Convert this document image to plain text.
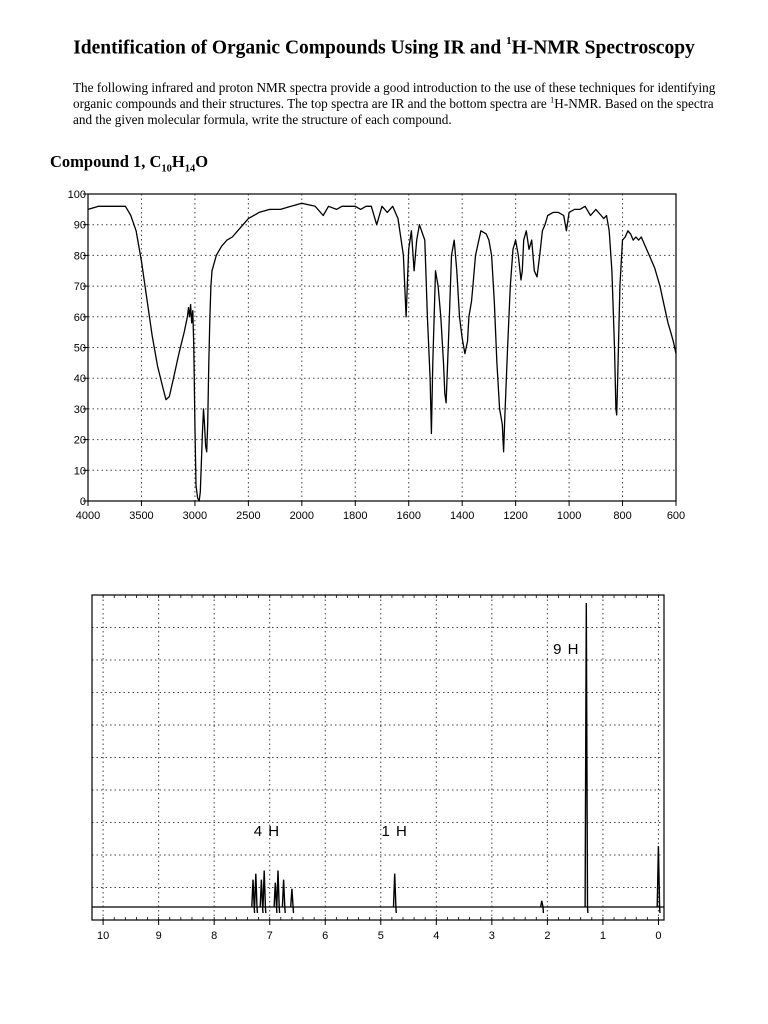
Identification of Organic Compounds Using IR and $^1$H-NMR Spectroscopy

The following infrared and proton NMR spectra provide a good introduction to the use of these techniques for identifying organic compounds and their structures. The top spectra are IR and the bottom spectra are $^1$H-NMR. Based on the spectra and the given molecular formula, write the structure of each compound.

Compound 1, $C_{10}H_{14}O$
4000	3500	3000	2500	2000	1800	1600	1400	1200	1000	800	600
0
10
20
30
40
50
60
70
80
90
100
10	9	8	7	6	5	4	3	2	1	0
9 H
4 H	1 H
